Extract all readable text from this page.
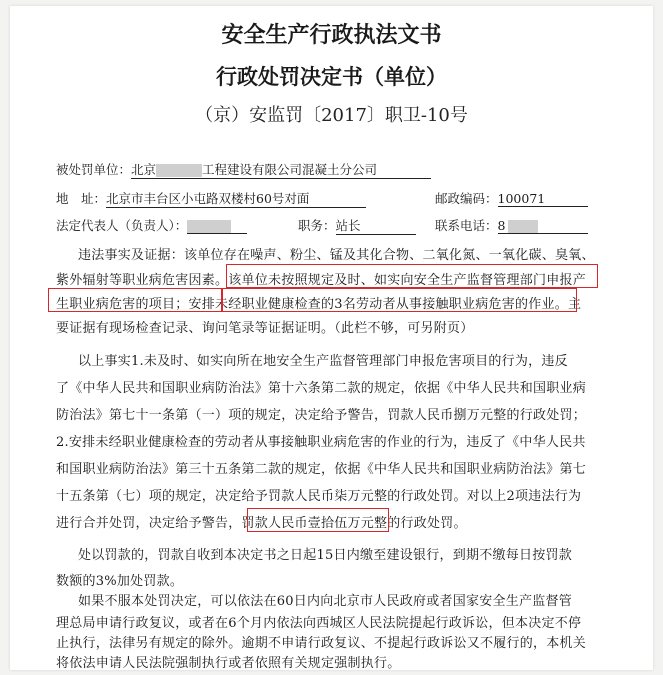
安全生产行政执法文书
行政处罚决定书（单位）
（京）安监罚〔2017〕职卫-10号
被处罚单位：北京	工程建设有限公司混凝土分公司
地　址：北京市丰台区小屯路双楼村60号对面	邮政编码：100071
法定代表人（负责人）：	职务：站长	联系电话：8
违法事实及证据：该单位存在噪声、粉尘、锰及其化合物、二氧化氮、一氧化碳、臭氧、
紫外辐射等职业病危害因素。该单位未按照规定及时、如实向安全生产监督管理部门申报产
生职业病危害的项目；安排未经职业健康检查的3名劳动者从事接触职业病危害的作业。主
要证据有现场检查记录、询问笔录等证据证明。（此栏不够，可另附页）
以上事实1.未及时、如实向所在地安全生产监督管理部门申报危害项目的行为，违反
了《中华人民共和国职业病防治法》第十六条第二款的规定，依据《中华人民共和国职业病
防治法》第七十一条第（一）项的规定，决定给予警告，罚款人民币捌万元整的行政处罚；
2.安排未经职业健康检查的劳动者从事接触职业病危害的作业的行为，违反了《中华人民共
和国职业病防治法》第三十五条第二款的规定，依据《中华人民共和国职业病防治法》第七
十五条第（七）项的规定，决定给予罚款人民币柒万元整的行政处罚。对以上2项违法行为
进行合并处罚，决定给予警告，罚款人民币壹拾伍万元整的行政处罚。
处以罚款的，罚款自收到本决定书之日起15日内缴至建设银行，到期不缴每日按罚款
数额的3%加处罚款。
如果不服本处罚决定，可以依法在60日内向北京市人民政府或者国家安全生产监督管
理总局申请行政复议，或者在6个月内依法向西城区人民法院提起行政诉讼，但本决定不停
止执行，法律另有规定的除外。逾期不申请行政复议、不提起行政诉讼又不履行的，本机关
将依法申请人民法院强制执行或者依照有关规定强制执行。
